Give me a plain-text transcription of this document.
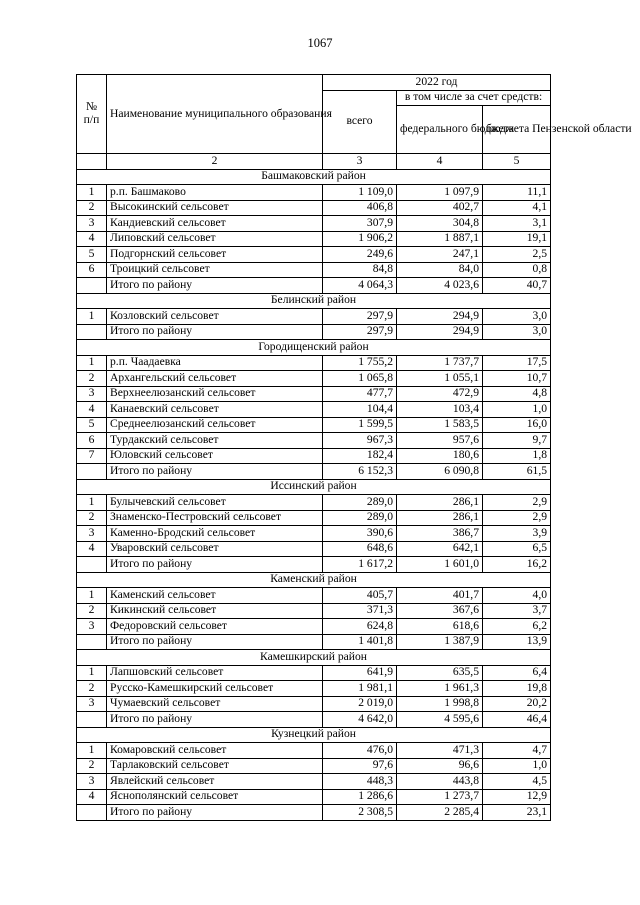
1067
№
п/п	Наименование муниципального образования	2022 год		
		всего	в том числе за счет средств:	
			федерального бюджета	бюджета Пензенской области
	2	3	4	5
Башмаковский район				
1	р.п. Башмаково	1 109,0	1 097,9	11,1
2	Высокинский сельсовет	406,8	402,7	4,1
3	Кандиевский сельсовет	307,9	304,8	3,1
4	Липовский сельсовет	1 906,2	1 887,1	19,1
5	Подгорнский сельсовет	249,6	247,1	2,5
6	Троицкий сельсовет	84,8	84,0	0,8
	Итого по району	4 064,3	4 023,6	40,7
Белинский район				
1	Козловский сельсовет	297,9	294,9	3,0
	Итого по району	297,9	294,9	3,0
Городищенский район				
1	р.п. Чаадаевка	1 755,2	1 737,7	17,5
2	Архангельский сельсовет	1 065,8	1 055,1	10,7
3	Верхнеелюзанский сельсовет	477,7	472,9	4,8
4	Канаевский сельсовет	104,4	103,4	1,0
5	Среднеелюзанский сельсовет	1 599,5	1 583,5	16,0
6	Турдакский сельсовет	967,3	957,6	9,7
7	Юловский сельсовет	182,4	180,6	1,8
	Итого по району	6 152,3	6 090,8	61,5
Иссинский район				
1	Булычевский сельсовет	289,0	286,1	2,9
2	Знаменско-Пестровский сельсовет	289,0	286,1	2,9
3	Каменно-Бродский сельсовет	390,6	386,7	3,9
4	Уваровский сельсовет	648,6	642,1	6,5
	Итого по району	1 617,2	1 601,0	16,2
Каменский район				
1	Каменский сельсовет	405,7	401,7	4,0
2	Кикинский сельсовет	371,3	367,6	3,7
3	Федоровский сельсовет	624,8	618,6	6,2
	Итого по району	1 401,8	1 387,9	13,9
Камешкирский район				
1	Лапшовский сельсовет	641,9	635,5	6,4
2	Русско-Камешкирский сельсовет	1 981,1	1 961,3	19,8
3	Чумаевский сельсовет	2 019,0	1 998,8	20,2
	Итого по району	4 642,0	4 595,6	46,4
Кузнецкий район				
1	Комаровский сельсовет	476,0	471,3	4,7
2	Тарлаковский сельсовет	97,6	96,6	1,0
3	Явлейский сельсовет	448,3	443,8	4,5
4	Яснополянский сельсовет	1 286,6	1 273,7	12,9
	Итого по району	2 308,5	2 285,4	23,1
